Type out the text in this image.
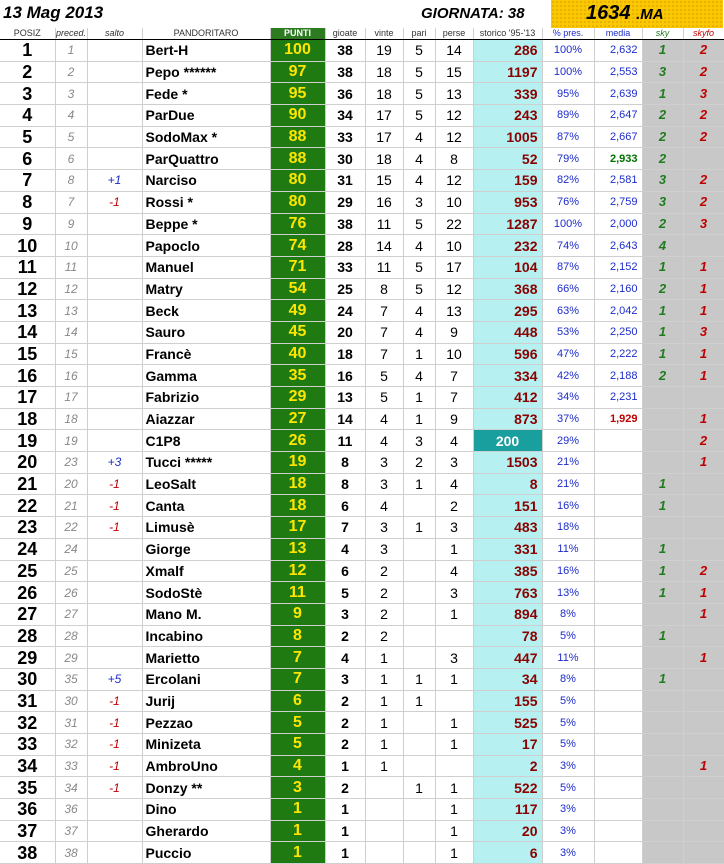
13 Mag 2013	GIORNATA: 38	1634 .MA
POSIZ	preced.	salto	PANDORITARO	PUNTI	gioate	vinte	pari	perse	storico '95-'13	% pres.	media	sky	skyfo
1	1		Bert-H	100	38	19	5	14	286	100%	2,632	1	2
2	2		Pepo ******	97	38	18	5	15	1197	100%	2,553	3	2
3	3		Fede *	95	36	18	5	13	339	95%	2,639	1	3
4	4		ParDue	90	34	17	5	12	243	89%	2,647	2	2
5	5		SodoMax *	88	33	17	4	12	1005	87%	2,667	2	2
6	6		ParQuattro	88	30	18	4	8	52	79%	2,933	2	
7	8	+1	Narciso	80	31	15	4	12	159	82%	2,581	3	2
8	7	-1	Rossi *	80	29	16	3	10	953	76%	2,759	3	2
9	9		Beppe *	76	38	11	5	22	1287	100%	2,000	2	3
10	10		Papoclo	74	28	14	4	10	232	74%	2,643	4	
11	11		Manuel	71	33	11	5	17	104	87%	2,152	1	1
12	12		Matry	54	25	8	5	12	368	66%	2,160	2	1
13	13		Beck	49	24	7	4	13	295	63%	2,042	1	1
14	14		Sauro	45	20	7	4	9	448	53%	2,250	1	3
15	15		Francè	40	18	7	1	10	596	47%	2,222	1	1
16	16		Gamma	35	16	5	4	7	334	42%	2,188	2	1
17	17		Fabrizio	29	13	5	1	7	412	34%	2,231		
18	18		Aiazzar	27	14	4	1	9	873	37%	1,929		1
19	19		C1P8	26	11	4	3	4	200	29%			2
20	23	+3	Tucci *****	19	8	3	2	3	1503	21%			1
21	20	-1	LeoSalt	18	8	3	1	4	8	21%		1	
22	21	-1	Canta	18	6	4		2	151	16%		1	
23	22	-1	Limusè	17	7	3	1	3	483	18%			
24	24		Giorge	13	4	3		1	331	11%		1	
25	25		Xmalf	12	6	2		4	385	16%		1	2
26	26		SodoStè	11	5	2		3	763	13%		1	1
27	27		Mano M.	9	3	2		1	894	8%			1
28	28		Incabino	8	2	2			78	5%		1	
29	29		Marietto	7	4	1		3	447	11%			1
30	35	+5	Ercolani	7	3	1	1	1	34	8%		1	
31	30	-1	Jurij	6	2	1	1		155	5%			
32	31	-1	Pezzao	5	2	1		1	525	5%			
33	32	-1	Minizeta	5	2	1		1	17	5%			
34	33	-1	AmbroUno	4	1	1			2	3%			1
35	34	-1	Donzy **	3	2		1	1	522	5%			
36	36		Dino	1	1			1	117	3%			
37	37		Gherardo	1	1			1	20	3%			
38	38		Puccio	1	1			1	6	3%			
